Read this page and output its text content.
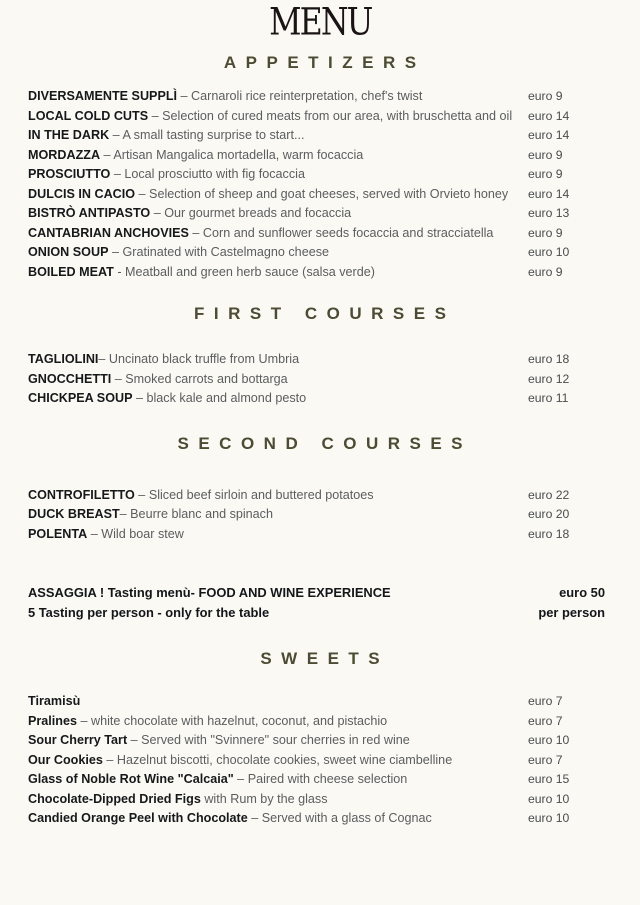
MENU
APPETIZERS
DIVERSAMENTE SUPPLÌ – Carnaroli rice reinterpretation, chef's twist	euro 9
LOCAL COLD CUTS – Selection of cured meats from our area, with bruschetta and oil	euro 14
IN THE DARK – A small tasting surprise to start...	euro 14
MORDAZZA – Artisan Mangalica mortadella, warm focaccia	euro 9
PROSCIUTTO – Local prosciutto with fig focaccia	euro 9
DULCIS IN CACIO – Selection of sheep and goat cheeses, served with Orvieto honey	euro 14
BISTRÒ ANTIPASTO – Our gourmet breads and focaccia	euro 13
CANTABRIAN ANCHOVIES – Corn and sunflower seeds focaccia and stracciatella	euro 9
ONION SOUP – Gratinated with Castelmagno cheese	euro 10
BOILED MEAT - Meatball and green herb sauce (salsa verde)	euro 9
FIRST COURSES
TAGLIOLINI– Uncinato black truffle from Umbria	euro 18
GNOCCHETTI – Smoked carrots and bottarga	euro 12
CHICKPEA SOUP – black kale and almond pesto	euro 11
SECOND COURSES
CONTROFILETTO – Sliced beef sirloin and buttered potatoes	euro 22
DUCK BREAST– Beurre blanc and spinach	euro 20
POLENTA – Wild boar stew	euro 18
ASSAGGIA ! Tasting menù- FOOD AND WINE EXPERIENCE	euro 50
5 Tasting per person - only for the table	per person
SWEETS
Tiramisù	euro 7
Pralines – white chocolate with hazelnut, coconut, and pistachio	euro 7
Sour Cherry Tart – Served with "Svinnere" sour cherries in red wine	euro 10
Our Cookies – Hazelnut biscotti, chocolate cookies, sweet wine ciambelline	euro 7
Glass of Noble Rot Wine "Calcaia" – Paired with cheese selection	euro 15
Chocolate-Dipped Dried Figs with Rum by the glass	euro 10
Candied Orange Peel with Chocolate – Served with a glass of Cognac	euro 10
